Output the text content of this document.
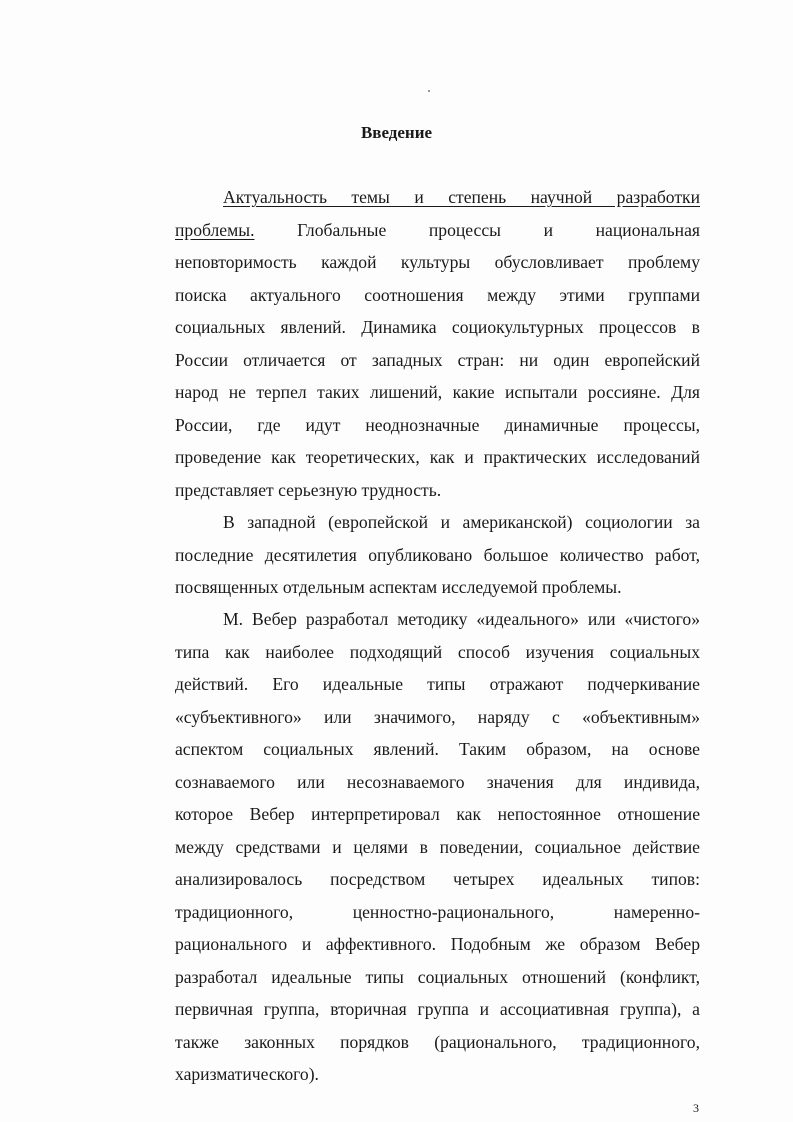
Введение
Актуальность темы и степень научной разработки
проблемы. Глобальные процессы и национальная
неповторимость каждой культуры обусловливает проблему
поиска актуального соотношения между этими группами
социальных явлений. Динамика социокультурных процессов в
России отличается от западных стран: ни один европейский
народ не терпел таких лишений, какие испытали россияне. Для
России, где идут неоднозначные динамичные процессы,
проведение как теоретических, как и практических исследований
представляет серьезную трудность.
В западной (европейской и американской) социологии за
последние десятилетия опубликовано большое количество работ,
посвященных отдельным аспектам исследуемой проблемы.
М. Вебер разработал методику «идеального» или «чистого»
типа как наиболее подходящий способ изучения социальных
действий. Его идеальные типы отражают подчеркивание
«субъективного» или значимого, наряду с «объективным»
аспектом социальных явлений. Таким образом, на основе
сознаваемого или несознаваемого значения для индивида,
которое Вебер интерпретировал как непостоянное отношение
между средствами и целями в поведении, социальное действие
анализировалось посредством четырех идеальных типов:
традиционного, ценностно-рационального, намеренно-
рационального и аффективного. Подобным же образом Вебер
разработал идеальные типы социальных отношений (конфликт,
первичная группа, вторичная группа и ассоциативная группа), а
также законных порядков (рационального, традиционного,
харизматического).
3
